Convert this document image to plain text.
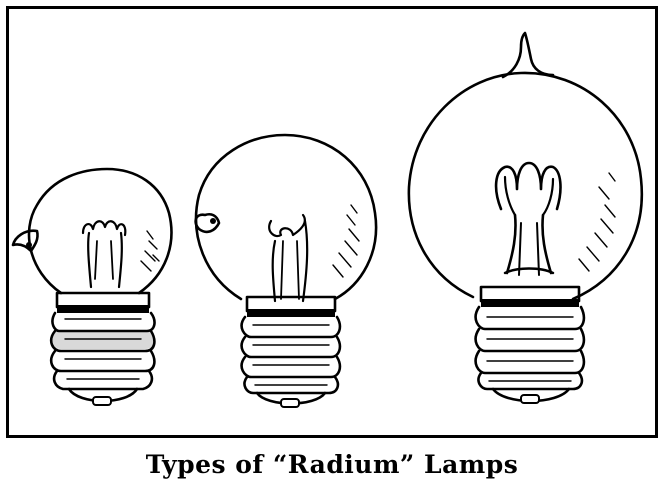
Types of “Radium” Lamps
